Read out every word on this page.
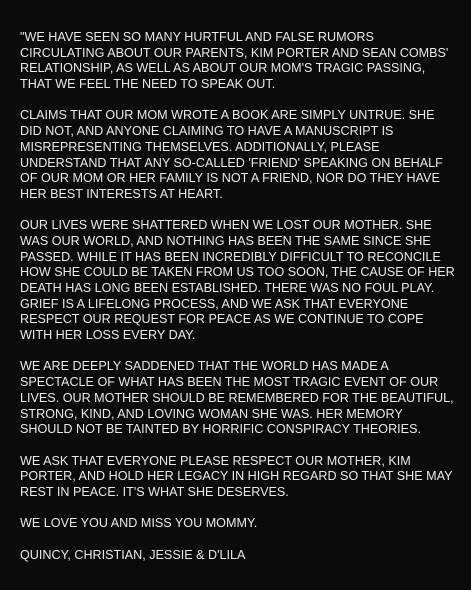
"WE HAVE SEEN SO MANY HURTFUL AND FALSE RUMORS CIRCULATING ABOUT OUR PARENTS, KIM PORTER AND SEAN COMBS' RELATIONSHIP, AS WELL AS ABOUT OUR MOM'S TRAGIC PASSING, THAT WE FEEL THE NEED TO SPEAK OUT.

CLAIMS THAT OUR MOM WROTE A BOOK ARE SIMPLY UNTRUE. SHE DID NOT, AND ANYONE CLAIMING TO HAVE A MANUSCRIPT IS MISREPRESENTING THEMSELVES. ADDITIONALLY, PLEASE UNDERSTAND THAT ANY SO-CALLED 'FRIEND' SPEAKING ON BEHALF OF OUR MOM OR HER FAMILY IS NOT A FRIEND, NOR DO THEY HAVE HER BEST INTERESTS AT HEART.

OUR LIVES WERE SHATTERED WHEN WE LOST OUR MOTHER. SHE WAS OUR WORLD, AND NOTHING HAS BEEN THE SAME SINCE SHE PASSED. WHILE IT HAS BEEN INCREDIBLY DIFFICULT TO RECONCILE HOW SHE COULD BE TAKEN FROM US TOO SOON, THE CAUSE OF HER DEATH HAS LONG BEEN ESTABLISHED. THERE WAS NO FOUL PLAY. GRIEF IS A LIFELONG PROCESS, AND WE ASK THAT EVERYONE RESPECT OUR REQUEST FOR PEACE AS WE CONTINUE TO COPE WITH HER LOSS EVERY DAY.

WE ARE DEEPLY SADDENED THAT THE WORLD HAS MADE A SPECTACLE OF WHAT HAS BEEN THE MOST TRAGIC EVENT OF OUR LIVES. OUR MOTHER SHOULD BE REMEMBERED FOR THE BEAUTIFUL, STRONG, KIND, AND LOVING WOMAN SHE WAS. HER MEMORY SHOULD NOT BE TAINTED BY HORRIFIC CONSPIRACY THEORIES.

WE ASK THAT EVERYONE PLEASE RESPECT OUR MOTHER, KIM PORTER, AND HOLD HER LEGACY IN HIGH REGARD SO THAT SHE MAY REST IN PEACE. IT'S WHAT SHE DESERVES.

WE LOVE YOU AND MISS YOU MOMMY.

QUINCY, CHRISTIAN, JESSIE & D'LILA
